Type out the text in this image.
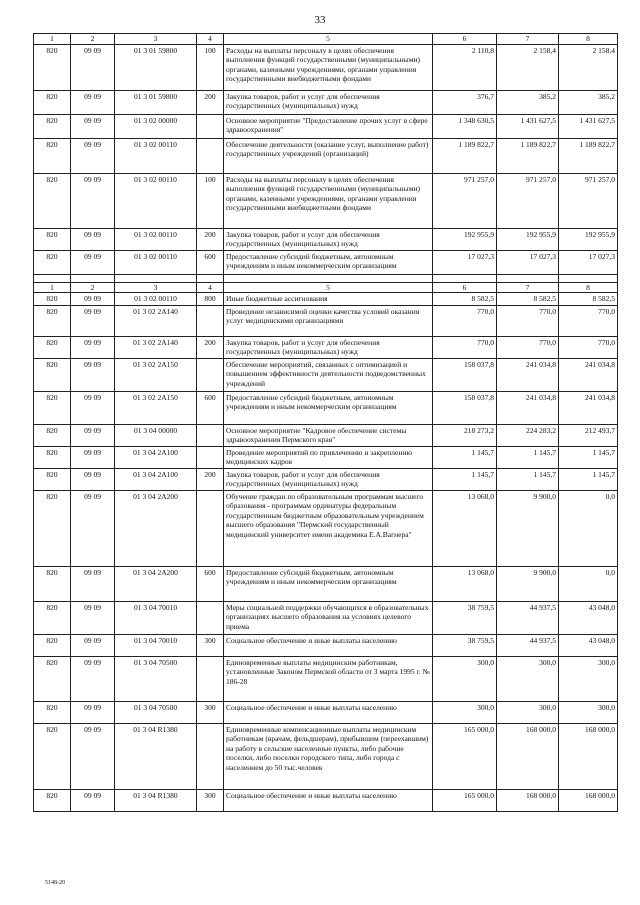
33
1	2	3	4	5	6	7	8
820	09 09	01 3 01 59800	100	Расходы на выплаты персоналу в целях обеспечения выполнения функций государственными (муниципальными) органами, казенными учреждениями, органами управления государственными внебюджетными фондами	2 110,8	2 158,4	2 158,4
820	09 09	01 3 01 59800	200	Закупка товаров, работ и услуг для обеспечения государственных (муниципальных) нужд	376,7	385,2	385,2
820	09 09	01 3 02 00000		Основное мероприятие "Предоставление прочих услуг в сфере здравоохранения"	1 348 630,5	1 431 627,5	1 431 627,5
820	09 09	01 3 02 00110		Обеспечение деятельности (оказание услуг, выполнение работ) государственных учреждений (организаций)	1 189 822,7	1 189 822,7	1 189 822,7
820	09 09	01 3 02 00110	100	Расходы на выплаты персоналу в целях обеспечения выполнения функций государственными (муниципальными) органами, казенными учреждениями, органами управления государственными внебюджетными фондами	971 257,0	971 257,0	971 257,0
820	09 09	01 3 02 00110	200	Закупка товаров, работ и услуг для обеспечения государственных (муниципальных) нужд	192 955,9	192 955,9	192 955,9
820	09 09	01 3 02 00110	600	Предоставление субсидий бюджетным, автономным учреждениям и иным некоммерческим организациям	17 027,3	17 027,3	17 027,3

1	2	3	4	5	6	7	8
820	09 09	01 3 02 00110	800	Иные бюджетные ассигнования	8 582,5	8 582,5	8 582,5
820	09 09	01 3 02 2А140		Проведение независимой оценки качества условий оказания услуг медицинскими организациями	770,0	770,0	770,0
820	09 09	01 3 02 2А140	200	Закупка товаров, работ и услуг для обеспечения государственных (муниципальных) нужд	770,0	770,0	770,0
820	09 09	01 3 02 2А150		Обеспечение мероприятий, связанных с оптимизацией и повышением эффективности деятельности подведомственных учреждений	158 037,8	241 034,8	241 034,8
820	09 09	01 3 02 2А150	600	Предоставление субсидий бюджетным, автономным учреждениям и иным некоммерческим организациям	158 037,8	241 034,8	241 034,8
820	09 09	01 3 04 00000		Основное мероприятие "Кадровое обеспечение системы здравоохранения Пермского края"	218 273,2	224 283,2	212 493,7
820	09 09	01 3 04 2А100		Проведение мероприятий по привлечению и закреплению медицинских кадров	1 145,7	1 145,7	1 145,7
820	09 09	01 3 04 2А100	200	Закупка товаров, работ и услуг для обеспечения государственных (муниципальных) нужд	1 145,7	1 145,7	1 145,7
820	09 09	01 3 04 2А200		Обучение граждан по образовательным программам высшего образования - программам ординатуры федеральным государственным бюджетным образовательным учреждением высшего образования "Пермский государственный медицинский университет имени академика Е.А.Вагнера"	13 068,0	9 900,0	0,0
820	09 09	01 3 04 2А200	600	Предоставление субсидий бюджетным, автономным учреждениям и иным некоммерческим организациям	13 068,0	9 900,0	0,0
820	09 09	01 3 04 70010		Меры социальной поддержки обучающихся в образовательных организациях высшего образования на условиях целевого приема	38 759,5	44 937,5	43 048,0
820	09 09	01 3 04 70010	300	Социальное обеспечение и иные выплаты населению	38 759,5	44 937,5	43 048,0
820	09 09	01 3 04 70500		Единовременные выплаты медицинским работникам, установленные Законом Пермской области от 3 марта 1995 г. № 186-28	300,0	300,0	300,0
820	09 09	01 3 04 70500	300	Социальное обеспечение и иные выплаты населению	300,0	300,0	300,0
820	09 09	01 3 04 R1380		Единовременные компенсационные выплаты медицинским работникам (врачам, фельдшерам), прибывшим (переехавшим) на работу в сельские населенные пункты, либо рабочие поселки, либо поселки городского типа, либо города с населением до 50 тыс.человек	165 000,0	168 000,0	168 000,0
820	09 09	01 3 04 R1380	300	Социальное обеспечение и иные выплаты населению	165 000,0	168 000,0	168 000,0
5148-20
